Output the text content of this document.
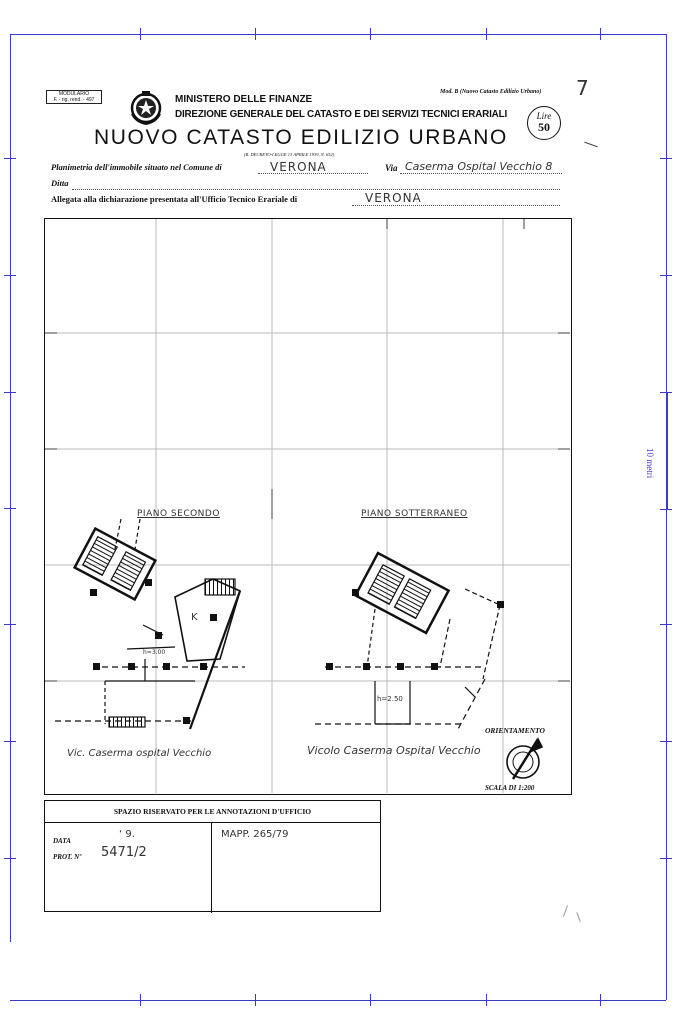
10 metri
MODULARIO
F. - rig. rend. - 497
Mod. B (Nuovo Catasto Edilizio Urbano) 7
MINISTERO DELLE FINANZE
DIREZIONE GENERALE DEL CATASTO E DEI SERVIZI TECNICI ERARIALI
NUOVO CATASTO EDILIZIO URBANO
(R. DECRETO-LEGGE 13 APRILE 1939, N. 652)
Lire
50
Planimetria dell'immobile situato nel Comune di	VERONA	Via Caserma Ospital Vecchio 8
Ditta
Allegata alla dichiarazione presentata all'Ufficio Tecnico Erariale di	VERONA
PIANO SECONDO	PIANO SOTTERRANEO
K
h=3.00
h=2.50
Vic. Caserma ospital Vecchio	Vicolo Caserma Ospital Vecchio
ORIENTAMENTO
SCALA DI 1:200
SPAZIO RISERVATO PER LE ANNOTAZIONI D'UFFICIO
DATA
‘ 9.
PROT. Nº 5471/2
MAPP. 265/79
